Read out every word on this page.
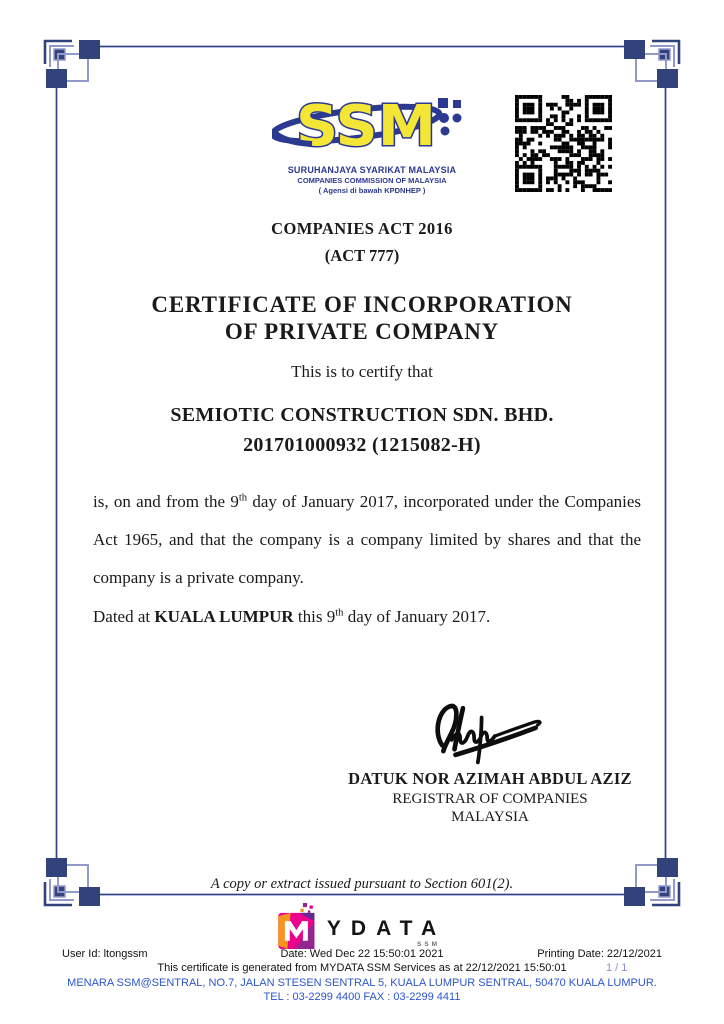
SSM
SURUHANJAYA SYARIKAT MALAYSIA
COMPANIES COMMISSION OF MALAYSIA
( Agensi di bawah KPDNHEP )
COMPANIES ACT 2016
(ACT 777)
CERTIFICATE OF INCORPORATION
OF PRIVATE COMPANY
This is to certify that
SEMIOTIC CONSTRUCTION SDN. BHD.
201701000932 (1215082-H)

is, on and from the 9th day of January 2017, incorporated under the Companies Act 1965, and that the company is a company limited by shares and that the company is a private company.

Dated at KUALA LUMPUR this 9th day of January 2017.

DATUK NOR AZIMAH ABDUL AZIZ
REGISTRAR OF COMPANIES
MALAYSIA
A copy or extract issued pursuant to Section 601(2).
YDATA
SSM
User Id: ltongssm	Date: Wed Dec 22 15:50:01 2021	Printing Date: 22/12/2021
This certificate is generated from MYDATA SSM Services as at 22/12/2021 15:50:01	1 / 1
MENARA SSM@SENTRAL, NO.7, JALAN STESEN SENTRAL 5, KUALA LUMPUR SENTRAL, 50470 KUALA LUMPUR.
TEL : 03-2299 4400 FAX : 03-2299 4411
